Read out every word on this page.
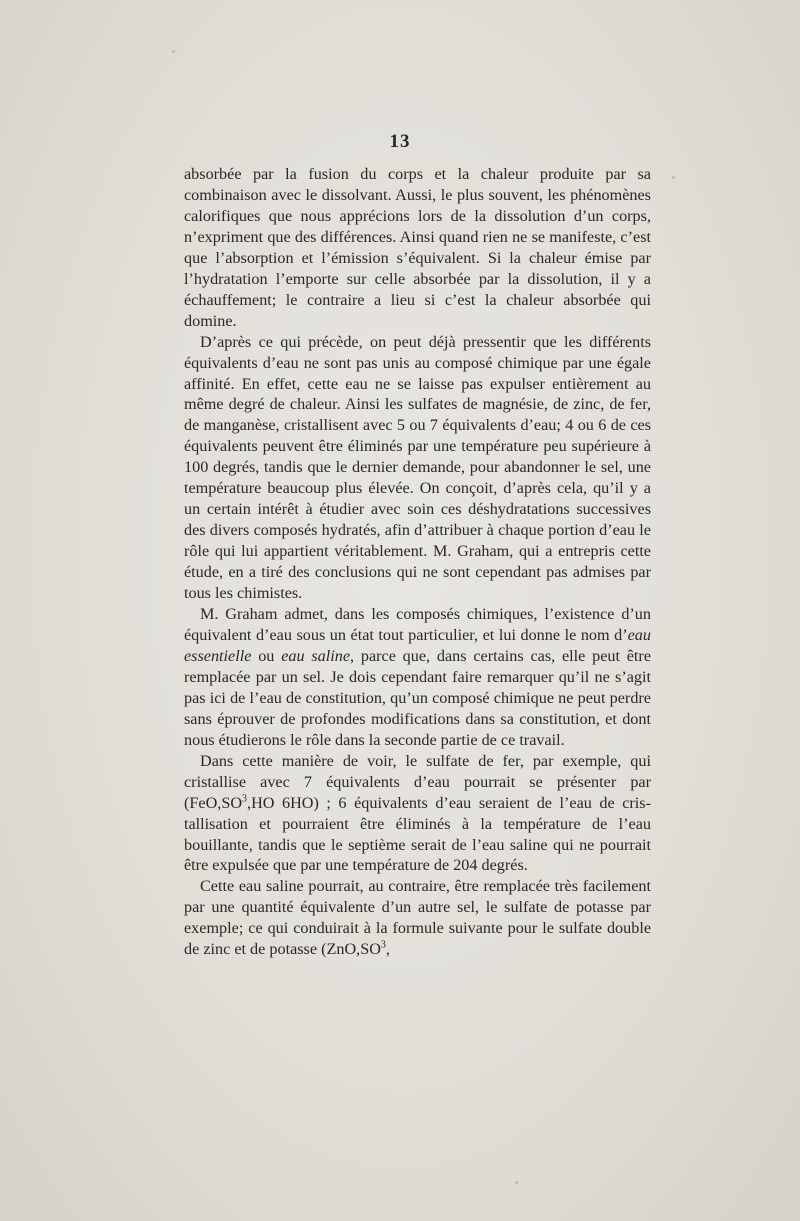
13

absorbée par la fusion du corps et la chaleur produite par sa combinaison avec le dissolvant. Aussi, le plus souvent, les phénomènes calorifiques que nous apprécions lors de la dissolution d’un corps, n’expriment que des différences. Ainsi quand rien ne se manifeste, c’est que l’absorption et l’émission s’équivalent. Si la chaleur émise par l’hydratation l’emporte sur celle absorbée par la dissolution, il y a échauffement; le contraire a lieu si c’est la chaleur absorbée qui domine.

D’après ce qui précède, on peut déjà pressentir que les différents équivalents d’eau ne sont pas unis au composé chimique par une égale affinité. En effet, cette eau ne se laisse pas expulser entièrement au même degré de chaleur. Ainsi les sulfates de magnésie, de zinc, de fer, de manganèse, cristallisent avec 5 ou 7 équivalents d’eau; 4 ou 6 de ces équivalents peuvent être éliminés par une température peu supérieure à 100 degrés, tandis que le dernier demande, pour abandonner le sel, une température beaucoup plus élevée. On conçoit, d’après cela, qu’il y a un certain intérêt à étudier avec soin ces déshydratations successives des divers composés hydratés, afin d’attribuer à chaque portion d’eau le rôle qui lui appartient véritablement. M. Graham, qui a entrepris cette étude, en a tiré des conclusions qui ne sont cependant pas admises par tous les chimistes.

M. Graham admet, dans les composés chimiques, l’existence d’un équivalent d’eau sous un état tout particulier, et lui donne le nom d’eau essentielle ou eau saline, parce que, dans certains cas, elle peut être remplacée par un sel. Je dois cependant faire remarquer qu’il ne s’agit pas ici de l’eau de constitution, qu’un composé chimique ne peut perdre sans éprouver de profondes modifications dans sa constitution, et dont nous étudierons le rôle dans la seconde partie de ce travail.

Dans cette manière de voir, le sulfate de fer, par exemple, qui cristallise avec 7 équivalents d’eau pourrait se présenter par ($FeO,SO^3,HO$ 6HO) ; 6 équivalents d’eau seraient de l’eau de cristallisation et pourraient être éliminés à la température de l’eau bouillante, tandis que le septième serait de l’eau saline qui ne pourrait être expulsée que par une température de 204 degrés.

Cette eau saline pourrait, au contraire, être remplacée très facilement par une quantité équivalente d’un autre sel, le sulfate de potasse par exemple; ce qui conduirait à la formule suivante pour le sulfate double de zinc et de potasse ($ZnO,SO^3$,
